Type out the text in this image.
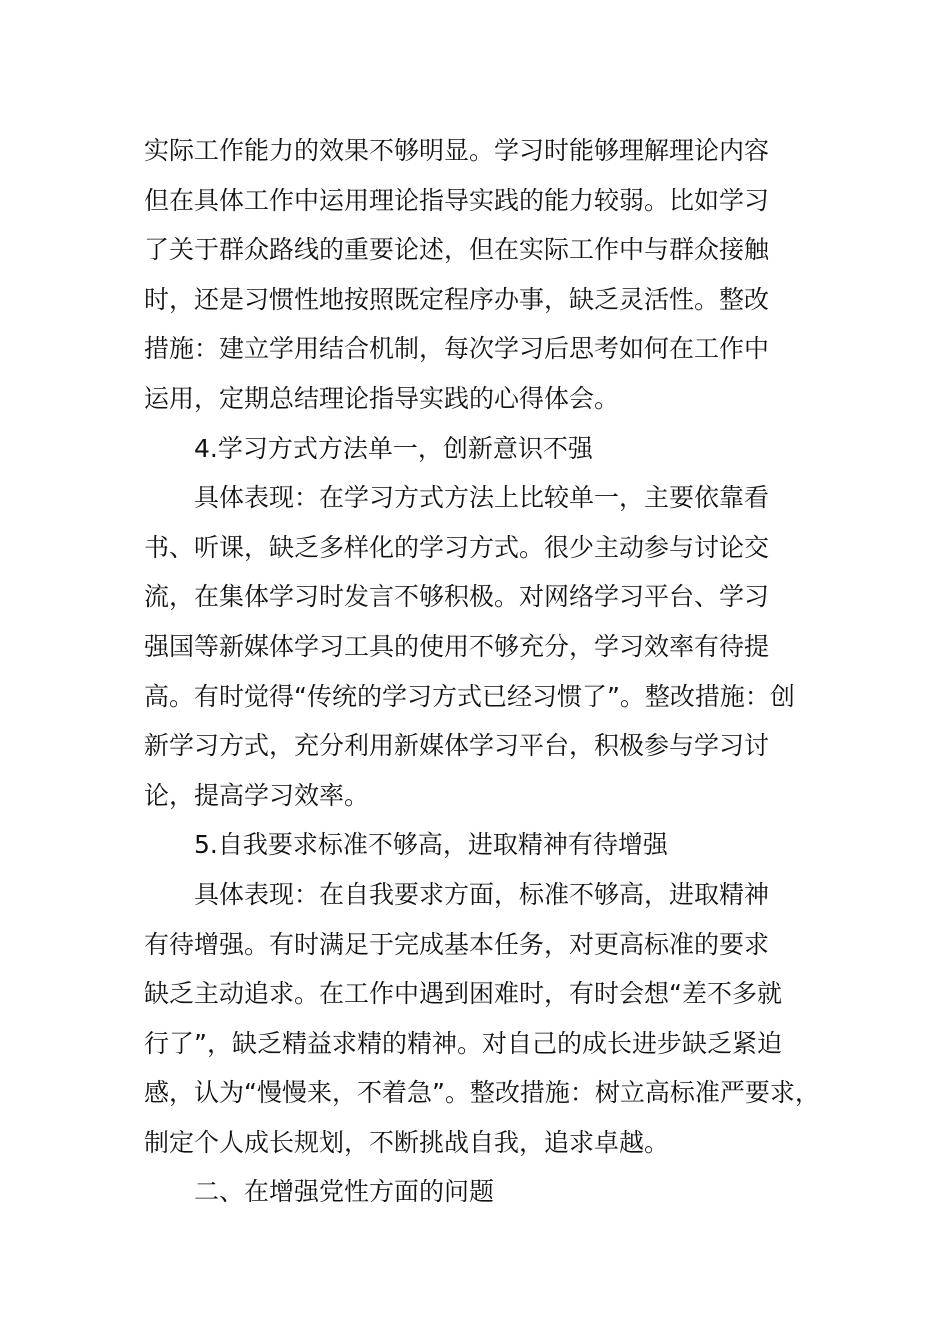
实际工作能力的效果不够明显。学习时能够理解理论内容
但在具体工作中运用理论指导实践的能力较弱。比如学习
了关于群众路线的重要论述，但在实际工作中与群众接触
时，还是习惯性地按照既定程序办事，缺乏灵活性。整改
措施：建立学用结合机制，每次学习后思考如何在工作中
运用，定期总结理论指导实践的心得体会。

4.学习方式方法单一，创新意识不强

具体表现：在学习方式方法上比较单一，主要依靠看
书、听课，缺乏多样化的学习方式。很少主动参与讨论交
流，在集体学习时发言不够积极。对网络学习平台、学习
强国等新媒体学习工具的使用不够充分，学习效率有待提
高。有时觉得“传统的学习方式已经习惯了”。整改措施：创
新学习方式，充分利用新媒体学习平台，积极参与学习讨
论，提高学习效率。

5.自我要求标准不够高，进取精神有待增强

具体表现：在自我要求方面，标准不够高，进取精神
有待增强。有时满足于完成基本任务，对更高标准的要求
缺乏主动追求。在工作中遇到困难时，有时会想“差不多就
行了”，缺乏精益求精的精神。对自己的成长进步缺乏紧迫
感，认为“慢慢来，不着急”。整改措施：树立高标准严要求，
制定个人成长规划，不断挑战自我，追求卓越。

二、在增强党性方面的问题
